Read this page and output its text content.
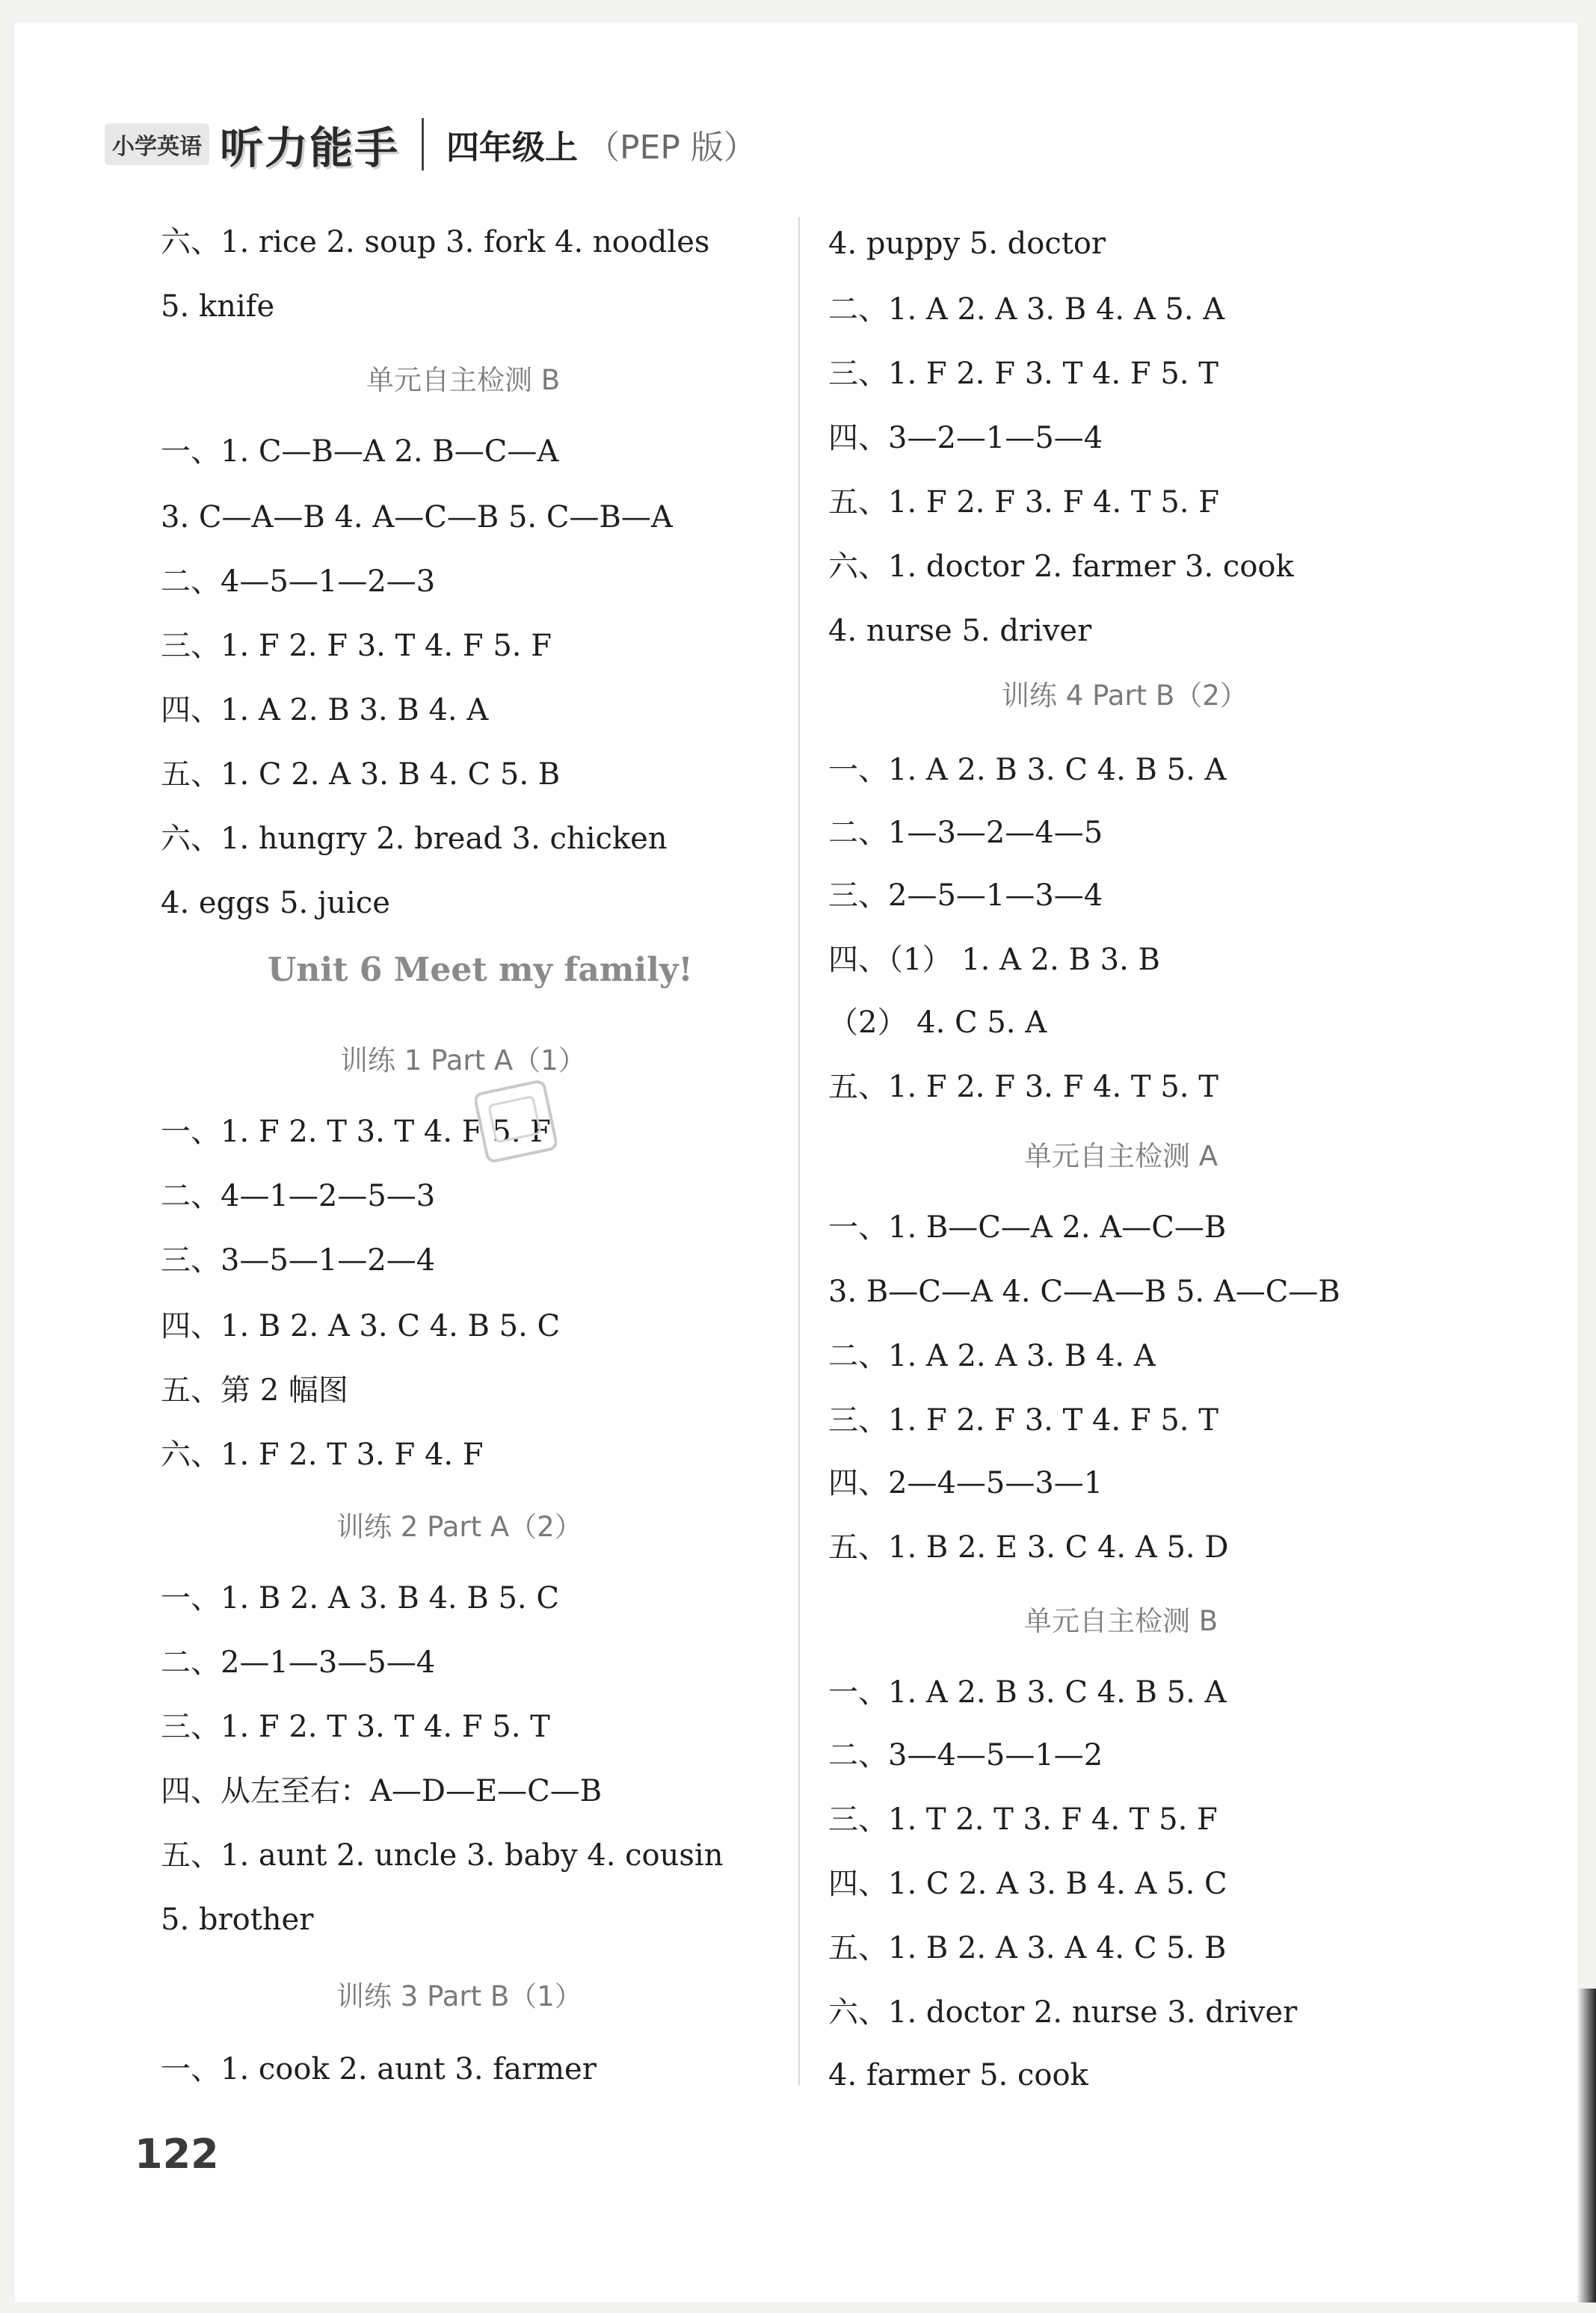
小学英语 听力能手 四年级上 （PEP 版）
六、1. rice 2. soup 3. fork 4. noodles
5. knife
单元自主检测 B
一、1. C—B—A 2. B—C—A
3. C—A—B 4. A—C—B 5. C—B—A
二、4—5—1—2—3
三、1. F 2. F 3. T 4. F 5. F
四、1. A 2. B 3. B 4. A
五、1. C 2. A 3. B 4. C 5. B
六、1. hungry 2. bread 3. chicken
4. eggs 5. juice
Unit 6 Meet my family!
训练 1 Part A（1）
一、1. F 2. T 3. T 4. F 5. F
二、4—1—2—5—3
三、3—5—1—2—4
四、1. B 2. A 3. C 4. B 5. C
五、第 2 幅图
六、1. F 2. T 3. F 4. F
训练 2 Part A（2）
一、1. B 2. A 3. B 4. B 5. C
二、2—1—3—5—4
三、1. F 2. T 3. T 4. F 5. T
四、从左至右：A—D—E—C—B
五、1. aunt 2. uncle 3. baby 4. cousin
5. brother
训练 3 Part B（1）
一、1. cook 2. aunt 3. farmer
4. puppy 5. doctor
二、1. A 2. A 3. B 4. A 5. A
三、1. F 2. F 3. T 4. F 5. T
四、3—2—1—5—4
五、1. F 2. F 3. F 4. T 5. F
六、1. doctor 2. farmer 3. cook
4. nurse 5. driver
训练 4 Part B（2）
一、1. A 2. B 3. C 4. B 5. A
二、1—3—2—4—5
三、2—5—1—3—4
四、（1） 1. A 2. B 3. B
（2） 4. C 5. A
五、1. F 2. F 3. F 4. T 5. T
单元自主检测 A
一、1. B—C—A 2. A—C—B
3. B—C—A 4. C—A—B 5. A—C—B
二、1. A 2. A 3. B 4. A
三、1. F 2. F 3. T 4. F 5. T
四、2—4—5—3—1
五、1. B 2. E 3. C 4. A 5. D
单元自主检测 B
一、1. A 2. B 3. C 4. B 5. A
二、3—4—5—1—2
三、1. T 2. T 3. F 4. T 5. F
四、1. C 2. A 3. B 4. A 5. C
五、1. B 2. A 3. A 4. C 5. B
六、1. doctor 2. nurse 3. driver
4. farmer 5. cook
122
